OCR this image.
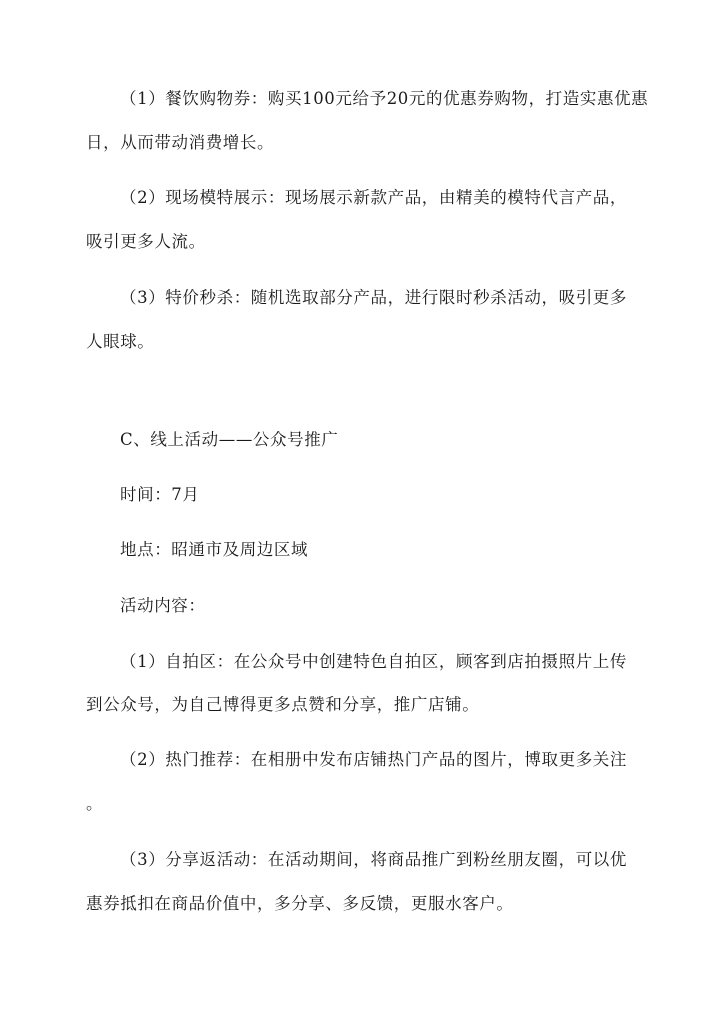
（1）餐饮购物券：购买100元给予20元的优惠券购物，打造实惠优惠
日，从而带动消费增长。
（2）现场模特展示：现场展示新款产品，由精美的模特代言产品，
吸引更多人流。
（3）特价秒杀：随机选取部分产品，进行限时秒杀活动，吸引更多
人眼球。
C、线上活动——公众号推广
时间：7月
地点：昭通市及周边区域
活动内容：
（1）自拍区：在公众号中创建特色自拍区，顾客到店拍摄照片上传
到公众号，为自己博得更多点赞和分享，推广店铺。
（2）热门推荐：在相册中发布店铺热门产品的图片，博取更多关注
。
（3）分享返活动：在活动期间，将商品推广到粉丝朋友圈，可以优
惠券抵扣在商品价值中，多分享、多反馈，更服水客户。
